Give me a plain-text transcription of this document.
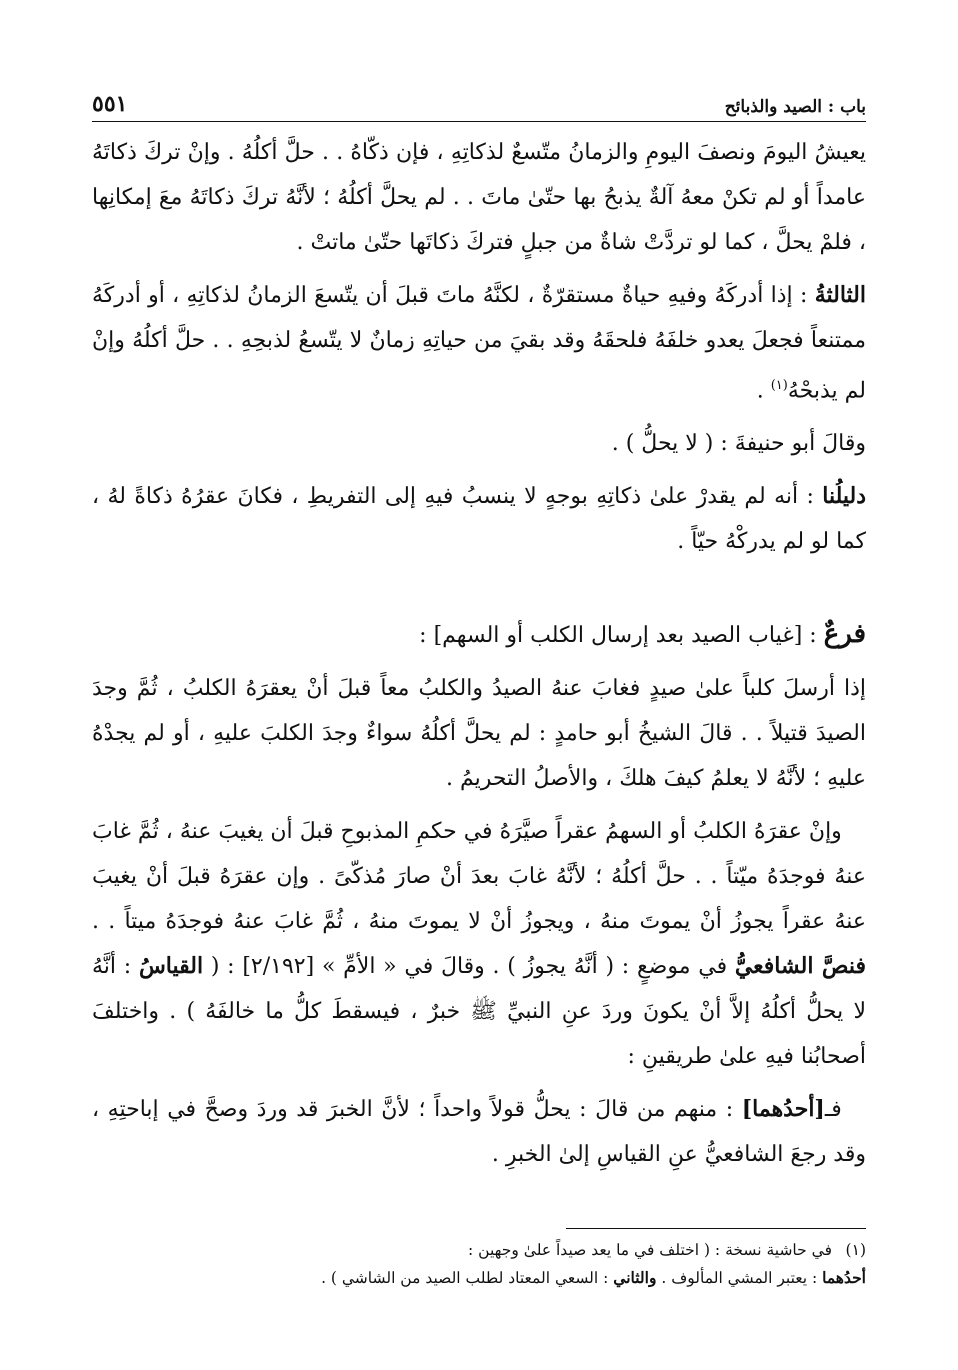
باب : الصيد والذبائح
٥٥١

يعيشُ اليومَ ونصفَ اليومِ والزمانُ متّسعٌ لذكاتِهِ ، فإن ذكّاهُ . . حلَّ أكلُهُ . وإنْ تركَ ذكاتَهُ عامداً أو لم تكنْ معهُ آلةٌ يذبحُ بها حتّىٰ ماتَ . . لم يحلَّ أكلُهُ ؛ لأنَّهُ تركَ ذكاتَهُ معَ إمكانِها ، فلمْ يحلَّ ، كما لو تردَّتْ شاةٌ من جبلٍ فتركَ ذكاتَها حتّىٰ ماتتْ .

الثالثةُ : إذا أدركَهُ وفيهِ حياةٌ مستقرّةٌ ، لكنَّهُ ماتَ قبلَ أن يتّسعَ الزمانُ لذكاتِهِ ، أو أدركَهُ ممتنعاً فجعلَ يعدو خلفَهُ فلحقَهُ وقد بقيَ من حياتِهِ زمانٌ لا يتّسعُ لذبحِهِ . . حلَّ أكلُهُ وإنْ لم يذبحْهُ$^{(١)}$ .

وقالَ أبو حنيفةَ : ( لا يحلُّ ) .

دليلُنا : أنه لم يقدرْ علىٰ ذكاتِهِ بوجهٍ لا ينسبُ فيهِ إلى التفريطِ ، فكانَ عقرُهُ ذكاةً لهُ ، كما لو لم يدركْهُ حيّاً .

فرعٌ : [غياب الصيد بعد إرسال الكلب أو السهم] :

إذا أرسلَ كلباً علىٰ صيدٍ فغابَ عنهُ الصيدُ والكلبُ معاً قبلَ أنْ يعقرَهُ الكلبُ ، ثُمَّ وجدَ الصيدَ قتيلاً . . قالَ الشيخُ أبو حامدٍ : لم يحلَّ أكلُهُ سواءٌ وجدَ الكلبَ عليهِ ، أو لم يجدْهُ عليهِ ؛ لأنَّهُ لا يعلمُ كيفَ هلكَ ، والأصلُ التحريمُ .

وإنْ عقرَهُ الكلبُ أو السهمُ عقراً صيَّرَهُ في حكمِ المذبوحِ قبلَ أن يغيبَ عنهُ ، ثُمَّ غابَ عنهُ فوجدَهُ ميّتاً . . حلَّ أكلُهُ ؛ لأنَّهُ غابَ بعدَ أنْ صارَ مُذكّىً . وإن عقرَهُ قبلَ أنْ يغيبَ عنهُ عقراً يجوزُ أنْ يموتَ منهُ ، ويجوزُ أنْ لا يموتَ منهُ ، ثُمَّ غابَ عنهُ فوجدَهُ ميتاً . . فنصَّ الشافعيُّ في موضعٍ : ( أنَّهُ يجوزُ ) . وقالَ في « الأمِّ » [٢/١٩٢] : ( القياسُ : أنَّهُ لا يحلُّ أكلُهُ إلاَّ أنْ يكونَ وردَ عنِ النبيِّ ﷺ خبرٌ ، فيسقطَ كلُّ ما خالفَهُ ) . واختلفَ أصحابُنا فيهِ علىٰ طريقينِ :

فـ[أحدُهما] : منهم من قالَ : يحلُّ قولاً واحداً ؛ لأنَّ الخبرَ قد وردَ وصحَّ في إباحتِهِ ، وقد رجعَ الشافعيُّ عنِ القياسِ إلىٰ الخبرِ .

(١)في حاشية نسخة : ( اختلف في ما يعد صيداً علىٰ وجهين :

أحدُهما : يعتبر المشي المألوف . والثاني : السعي المعتاد لطلب الصيد من الشاشي ) .
